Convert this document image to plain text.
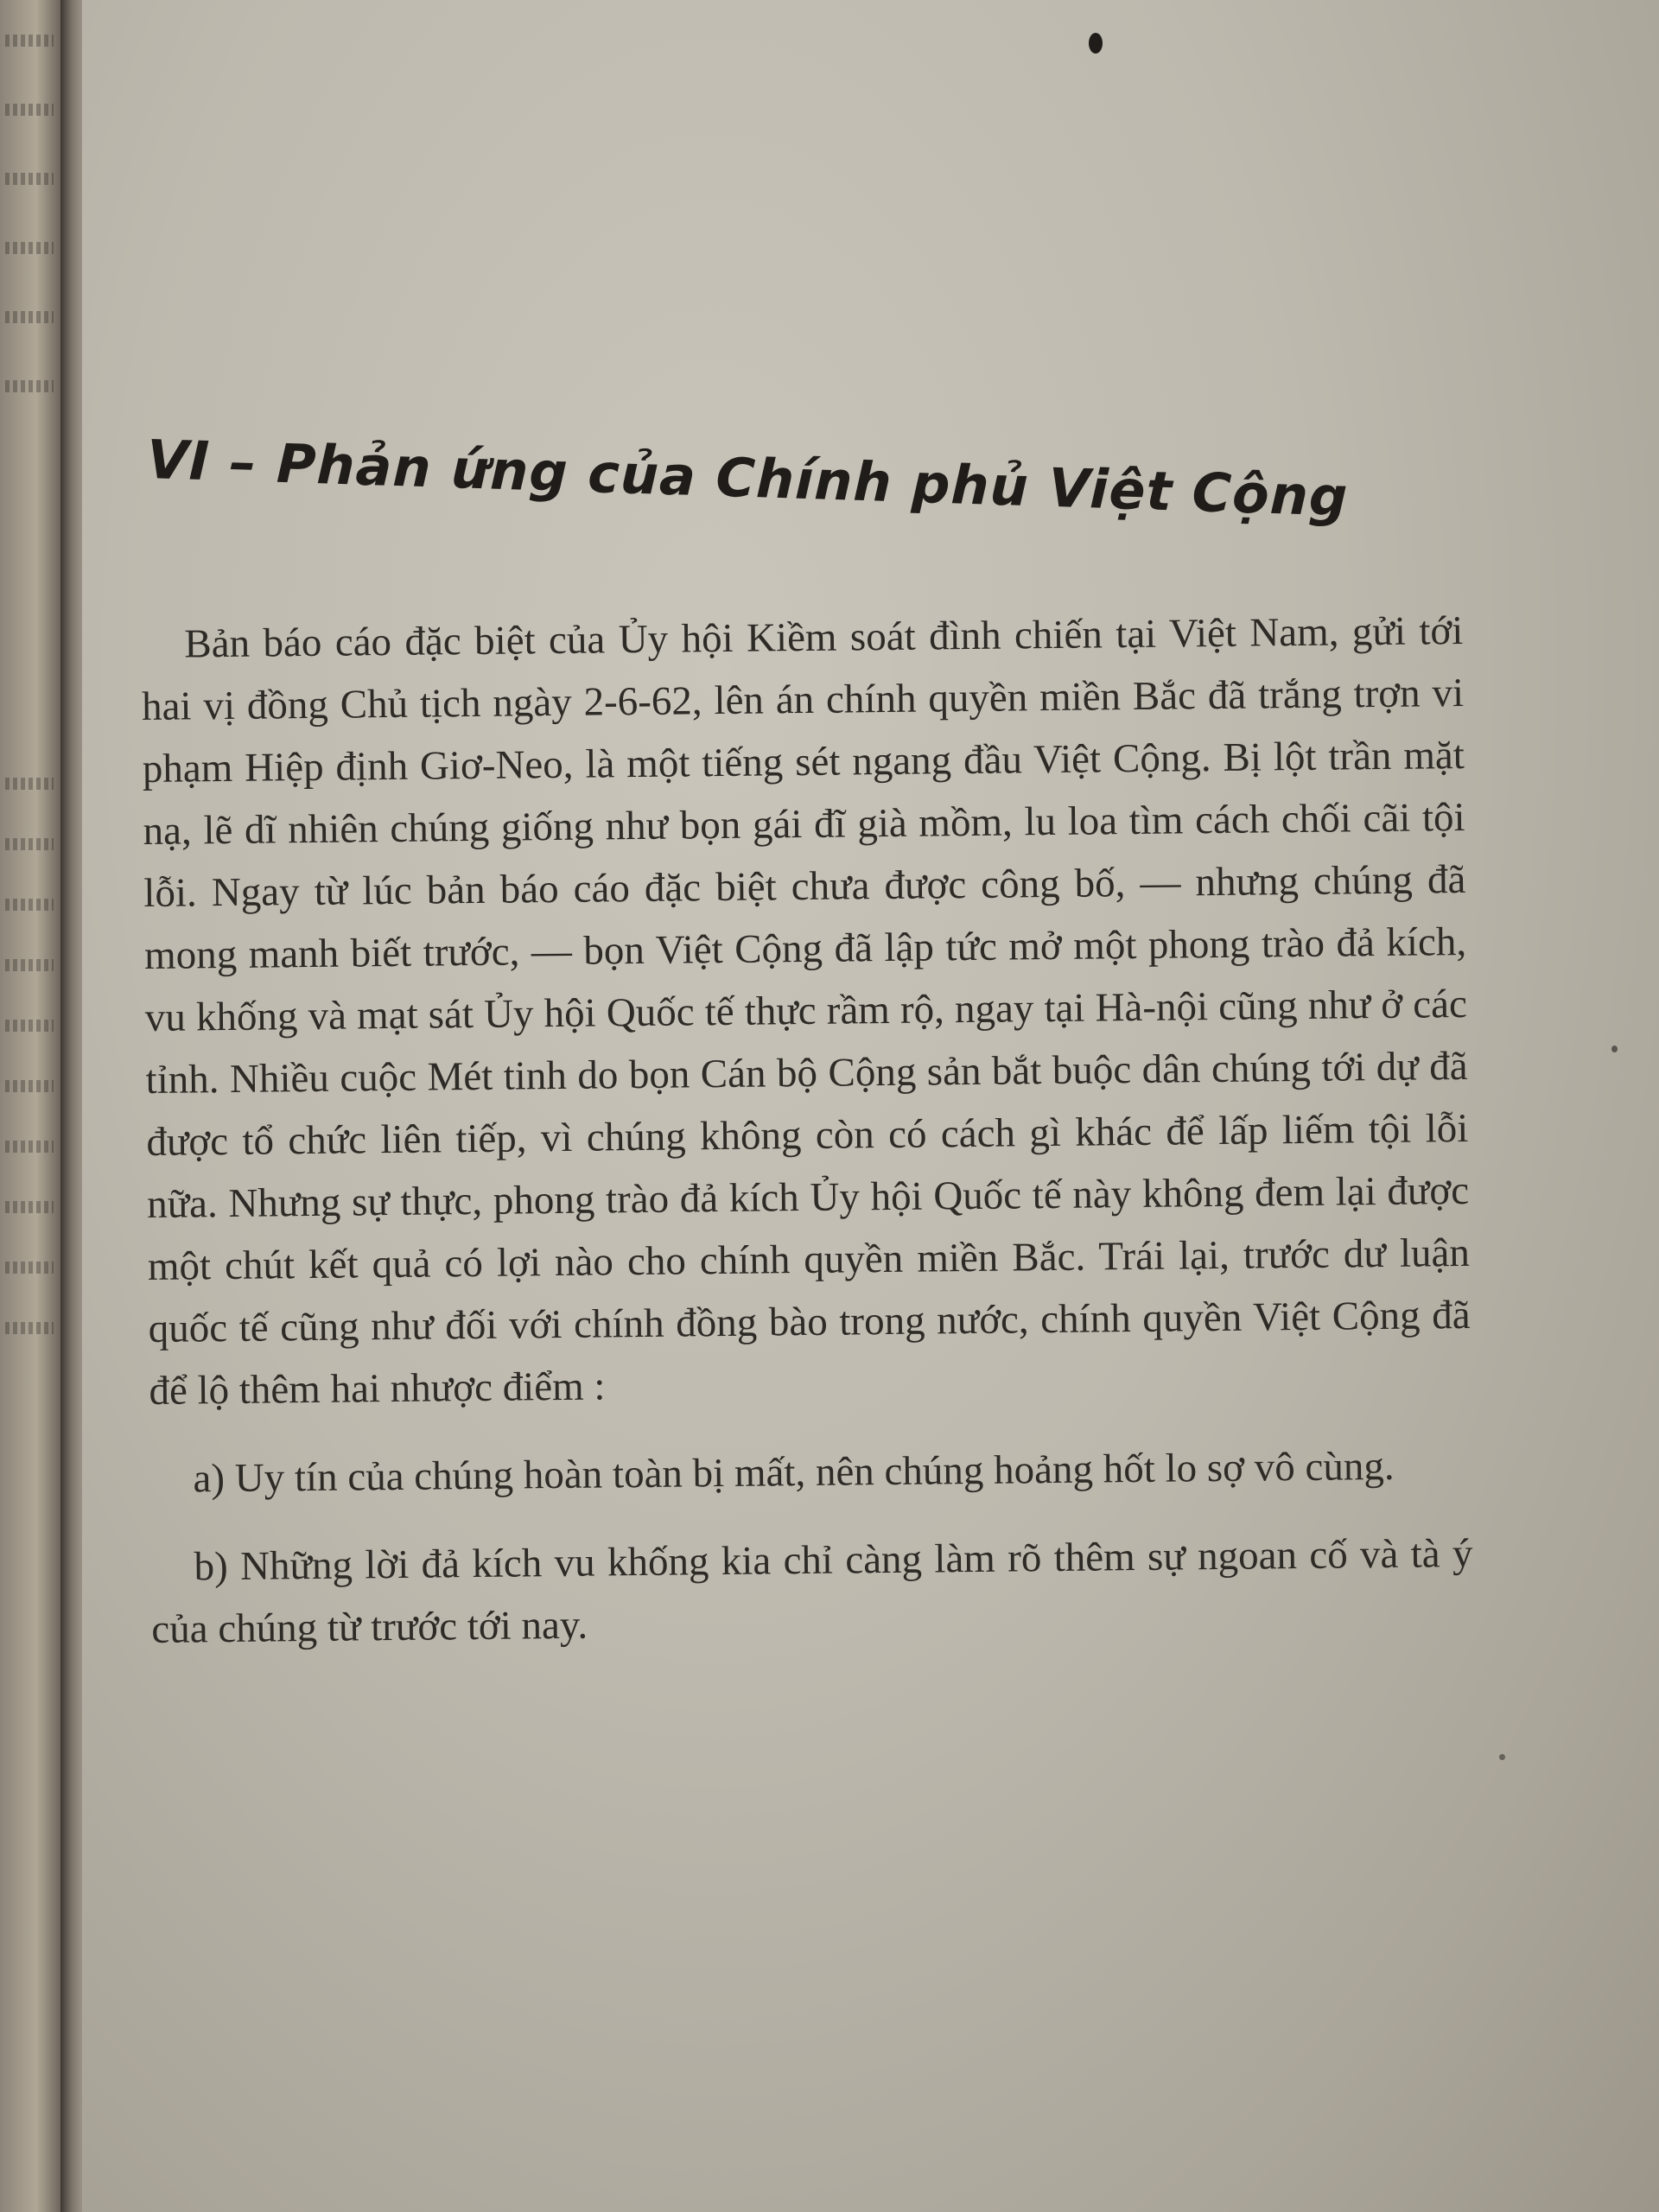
VI – Phản ứng của Chính phủ Việt Cộng

Bản báo cáo đặc biệt của Ủy hội Kiềm soát đình chiến tại Việt Nam, gửi tới hai vị đồng Chủ tịch ngày 2-6-62, lên án chính quyền miền Bắc đã trắng trợn vi phạm Hiệp định Giơ-Neo, là một tiếng sét ngang đầu Việt Cộng. Bị lột trần mặt nạ, lẽ dĩ nhiên chúng giống như bọn gái đĩ già mồm, lu loa tìm cách chối cãi tội lỗi. Ngay từ lúc bản báo cáo đặc biệt chưa được công bố, — nhưng chúng đã mong manh biết trước, — bọn Việt Cộng đã lập tức mở một phong trào đả kích, vu khống và mạt sát Ủy hội Quốc tế thực rầm rộ, ngay tại Hà-nội cũng như ở các tỉnh. Nhiều cuộc Mét tinh do bọn Cán bộ Cộng sản bắt buộc dân chúng tới dự đã được tổ chức liên tiếp, vì chúng không còn có cách gì khác để lấp liếm tội lỗi nữa. Nhưng sự thực, phong trào đả kích Ủy hội Quốc tế này không đem lại được một chút kết quả có lợi nào cho chính quyền miền Bắc. Trái lại, trước dư luận quốc tế cũng như đối với chính đồng bào trong nước, chính quyền Việt Cộng đã để lộ thêm hai nhược điểm :

a) Uy tín của chúng hoàn toàn bị mất, nên chúng hoảng hốt lo sợ vô cùng.

b) Những lời đả kích vu khống kia chỉ càng làm rõ thêm sự ngoan cố và tà ý của chúng từ trước tới nay.
